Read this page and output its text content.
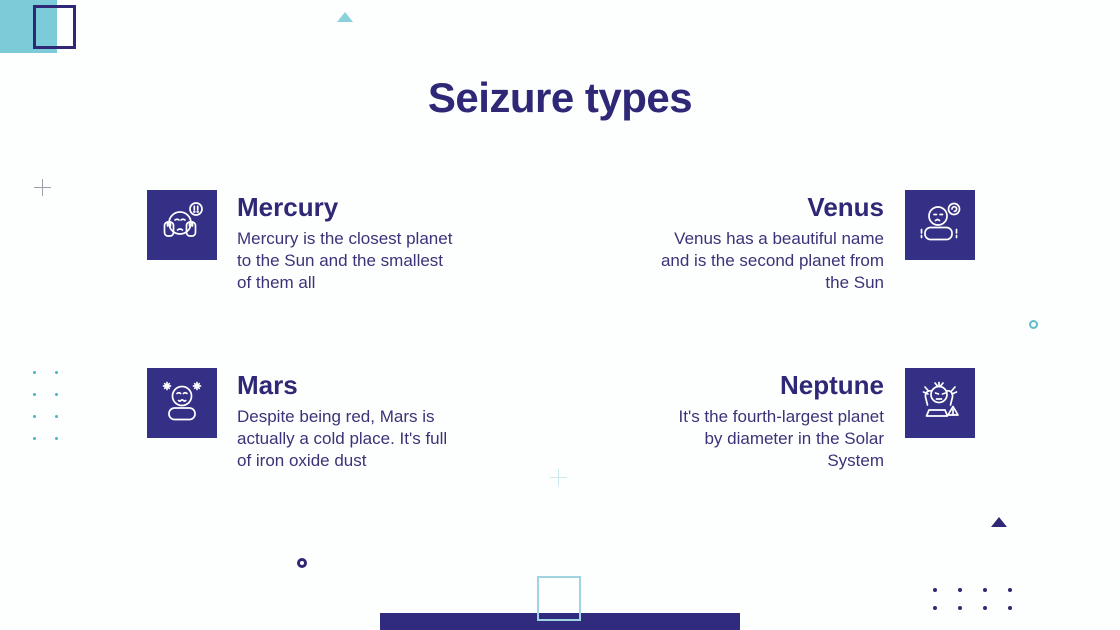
Seizure types
Mercury
Mercury is the closest planet to the Sun and the smallest of them all
Venus
Venus has a beautiful name and is the second planet from the Sun
Mars
Despite being red, Mars is actually a cold place. It's full of iron oxide dust
Neptune
It's the fourth-largest planet by diameter in the Solar System
